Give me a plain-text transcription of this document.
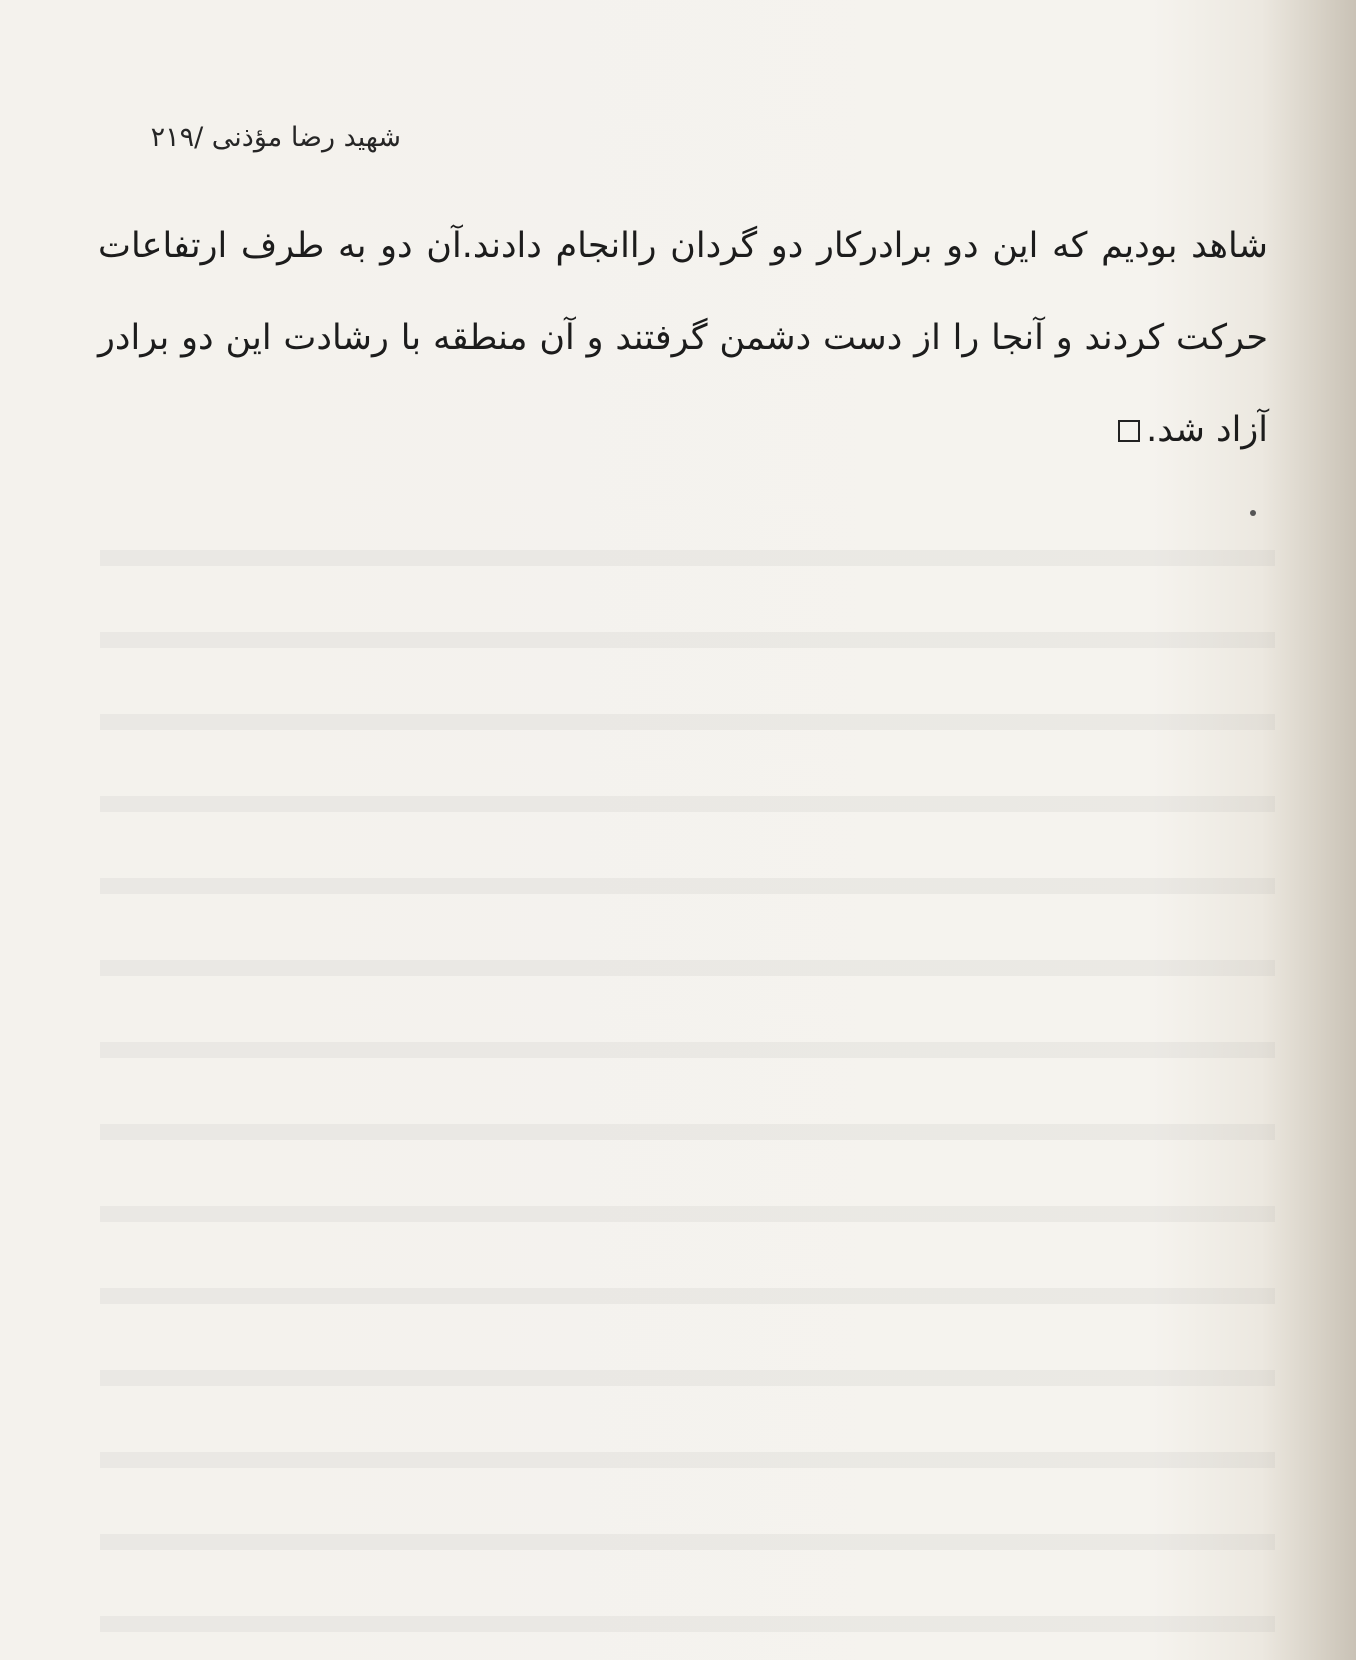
شهید رضا مؤذنی /۲۱۹

شاهد بودیم که این دو برادرکار دو گردان راانجام دادند.آن دو به طرف ارتفاعات حرکت کردند و آنجا را از دست دشمن گرفتند و آن منطقه با رشادت این دو برادر آزاد شد.
